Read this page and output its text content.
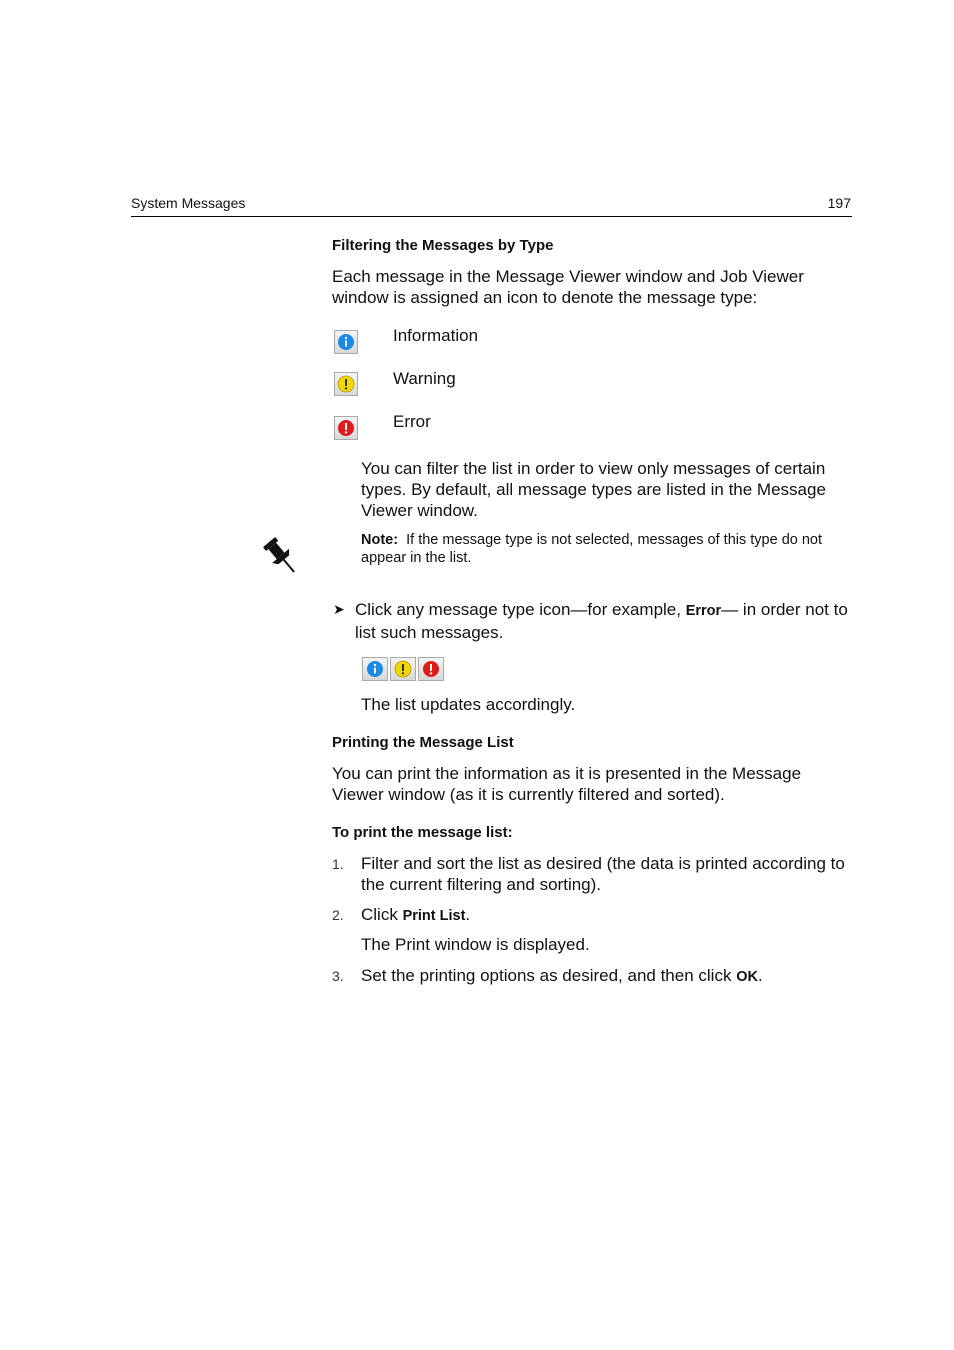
System Messages	197
Filtering the Messages by Type
Each message in the Message Viewer window and Job Viewer window is assigned an icon to denote the message type:
Information
Warning
Error
You can filter the list in order to view only messages of certain types. By default, all message types are listed in the Message Viewer window.
Note: If the message type is not selected, messages of this type do not appear in the list.
➤ Click any message type icon—for example, Error— in order not to list such messages.
The list updates accordingly.
Printing the Message List
You can print the information as it is presented in the Message Viewer window (as it is currently filtered and sorted).
To print the message list:
1. Filter and sort the list as desired (the data is printed according to the current filtering and sorting).
2. Click Print List.
The Print window is displayed.
3. Set the printing options as desired, and then click OK.
